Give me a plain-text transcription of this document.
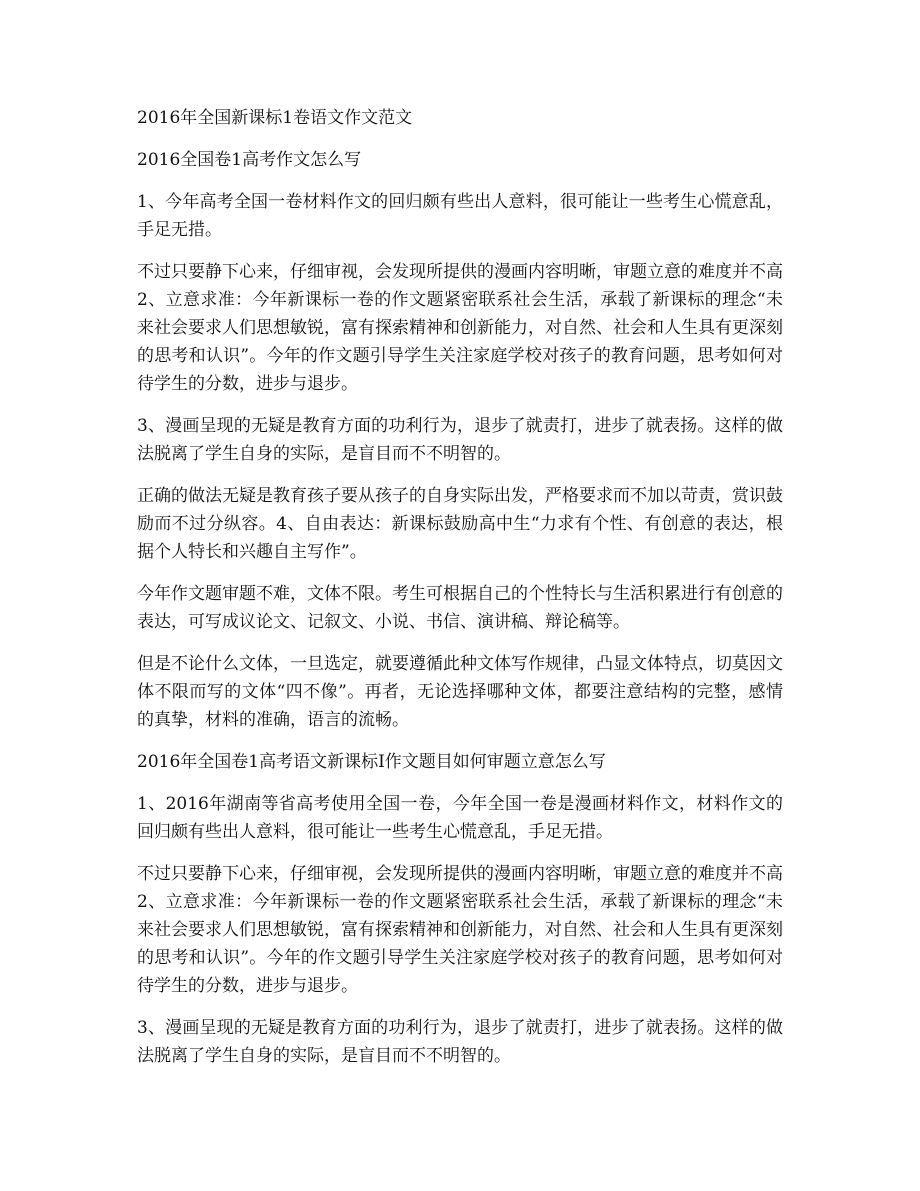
2016年全国新课标1卷语文作文范文

2016全国卷1高考作文怎么写

1、今年高考全国一卷材料作文的回归颇有些出人意料，很可能让一些考生心慌意乱，手足无措。

不过只要静下心来，仔细审视，会发现所提供的漫画内容明晰，审题立意的难度并不高 2、立意求准：今年新课标一卷的作文题紧密联系社会生活，承载了新课标的理念“未来社会要求人们思想敏锐，富有探索精神和创新能力，对自然、社会和人生具有更深刻的思考和认识”。今年的作文题引导学生关注家庭学校对孩子的教育问题，思考如何对待学生的分数，进步与退步。

3、漫画呈现的无疑是教育方面的功利行为，退步了就责打，进步了就表扬。这样的做法脱离了学生自身的实际，是盲目而不不明智的。

正确的做法无疑是教育孩子要从孩子的自身实际出发，严格要求而不加以苛责，赏识鼓励而不过分纵容。4、自由表达：新课标鼓励高中生“力求有个性、有创意的表达，根据个人特长和兴趣自主写作”。

今年作文题审题不难，文体不限。考生可根据自己的个性特长与生活积累进行有创意的表达，可写成议论文、记叙文、小说、书信、演讲稿、辩论稿等。

但是不论什么文体，一旦选定，就要遵循此种文体写作规律，凸显文体特点，切莫因文体不限而写的文体“四不像”。再者，无论选择哪种文体，都要注意结构的完整，感情的真挚，材料的准确，语言的流畅。

2016年全国卷1高考语文新课标I作文题目如何审题立意怎么写

1、2016年湖南等省高考使用全国一卷，今年全国一卷是漫画材料作文，材料作文的回归颇有些出人意料，很可能让一些考生心慌意乱，手足无措。

不过只要静下心来，仔细审视，会发现所提供的漫画内容明晰，审题立意的难度并不高 2、立意求准：今年新课标一卷的作文题紧密联系社会生活，承载了新课标的理念“未来社会要求人们思想敏锐，富有探索精神和创新能力，对自然、社会和人生具有更深刻的思考和认识”。今年的作文题引导学生关注家庭学校对孩子的教育问题，思考如何对待学生的分数，进步与退步。

3、漫画呈现的无疑是教育方面的功利行为，退步了就责打，进步了就表扬。这样的做法脱离了学生自身的实际，是盲目而不不明智的。
